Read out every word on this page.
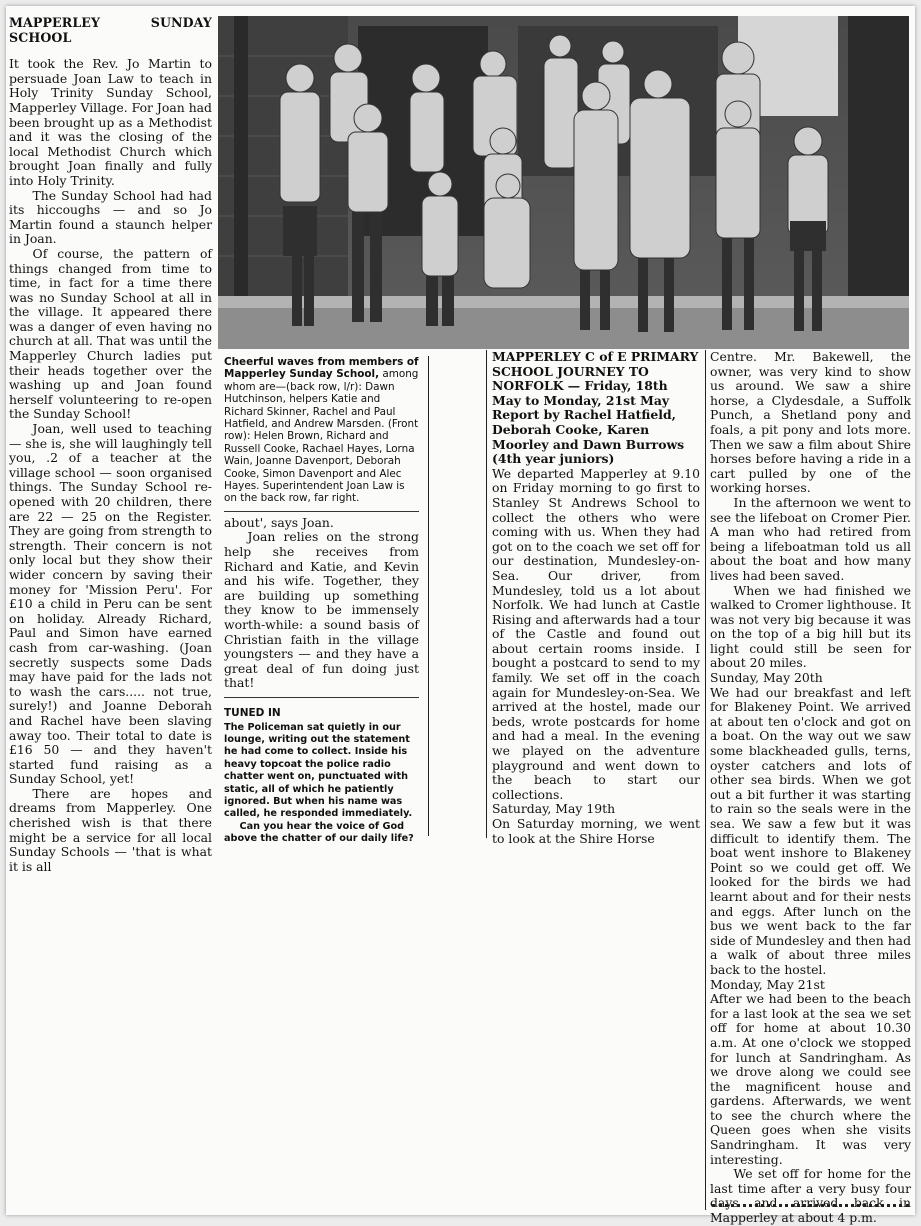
MAPPERLEY SUNDAY SCHOOL

It took the Rev. Jo Martin to persuade Joan Law to teach in Holy Trinity Sunday School, Mapperley Village. For Joan had been brought up as a Methodist and it was the closing of the local Methodist Church which brought Joan finally and fully into Holy Trinity.

The Sunday School had had its hiccoughs — and so Jo Martin found a staunch helper in Joan.

Of course, the pattern of things changed from time to time, in fact for a time there was no Sunday School at all in the village. It appeared there was a danger of even having no church at all. That was until the Mapperley Church ladies put their heads together over the washing up and Joan found herself volunteering to re-open the Sunday School!

Joan, well used to teaching — she is, she will laughingly tell you, .2 of a teacher at the village school — soon organised things. The Sunday School re-opened with 20 children, there are 22 — 25 on the Register. They are going from strength to strength. Their concern is not only local but they show their wider concern by saving their money for 'Mission Peru'. For £10 a child in Peru can be sent on holiday. Already Richard, Paul and Simon have earned cash from car-washing. (Joan secretly suspects some Dads may have paid for the lads not to wash the cars..... not true, surely!) and Joanne Deborah and Rachel have been slaving away too. Their total to date is £16 50 — and they haven't started fund raising as a Sunday School, yet!

There are hopes and dreams from Mapperley. One cherished wish is that there might be a service for all local Sunday Schools — 'that is what it is all

Cheerful waves from members of Mapperley Sunday School, among whom are—(back row, l/r): Dawn Hutchinson, helpers Katie and Richard Skinner, Rachel and Paul Hatfield, and Andrew Marsden. (Front row): Helen Brown, Richard and Russell Cooke, Rachael Hayes, Lorna Wain, Joanne Davenport, Deborah Cooke, Simon Davenport and Alec Hayes. Superintendent Joan Law is on the back row, far right.

about', says Joan.

Joan relies on the strong help she receives from Richard and Katie, and Kevin and his wife. Together, they are building up something they know to be immensely worth-while: a sound basis of Christian faith in the village youngsters — and they have a great deal of fun doing just that!

TUNED IN

The Policeman sat quietly in our lounge, writing out the statement he had come to collect. Inside his heavy topcoat the police radio chatter went on, punctuated with static, all of which he patiently ignored. But when his name was called, he responded immediately.

Can you hear the voice of God above the chatter of our daily life?

MAPPERLEY C of E PRIMARY SCHOOL JOURNEY TO NORFOLK — Friday, 18th May to Monday, 21st May Report by Rachel Hatfield, Deborah Cooke, Karen Moorley and Dawn Burrows (4th year juniors)

We departed Mapperley at 9.10 on Friday morning to go first to Stanley St Andrews School to collect the others who were coming with us. When they had got on to the coach we set off for our destination, Mundesley-on-Sea. Our driver, from Mundesley, told us a lot about Norfolk. We had lunch at Castle Rising and afterwards had a tour of the Castle and found out about certain rooms inside. I bought a postcard to send to my family. We set off in the coach again for Mundesley-on-Sea. We arrived at the hostel, made our beds, wrote postcards for home and had a meal. In the evening we played on the adventure playground and went down to the beach to start our collections.

Saturday, May 19th

On Saturday morning, we went to look at the Shire Horse

Centre. Mr. Bakewell, the owner, was very kind to show us around. We saw a shire horse, a Clydesdale, a Suffolk Punch, a Shetland pony and foals, a pit pony and lots more. Then we saw a film about Shire horses before having a ride in a cart pulled by one of the working horses.

In the afternoon we went to see the lifeboat on Cromer Pier. A man who had retired from being a lifeboatman told us all about the boat and how many lives had been saved.

When we had finished we walked to Cromer lighthouse. It was not very big because it was on the top of a big hill but its light could still be seen for about 20 miles.

Sunday, May 20th

We had our breakfast and left for Blakeney Point. We arrived at about ten o'clock and got on a boat. On the way out we saw some blackheaded gulls, terns, oyster catchers and lots of other sea birds. When we got out a bit further it was starting to rain so the seals were in the sea. We saw a few but it was difficult to identify them. The boat went inshore to Blakeney Point so we could get off. We looked for the birds we had learnt about and for their nests and eggs. After lunch on the bus we went back to the far side of Mundesley and then had a walk of about three miles back to the hostel.

Monday, May 21st

After we had been to the beach for a last look at the sea we set off for home at about 10.30 a.m. At one o'clock we stopped for lunch at Sandringham. As we drove along we could see the magnificent house and gardens. Afterwards, we went to see the church where the Queen goes when she visits Sandringham. It was very interesting.

We set off for home for the last time after a very busy four days and arrived back in Mapperley at about 4 p.m.
